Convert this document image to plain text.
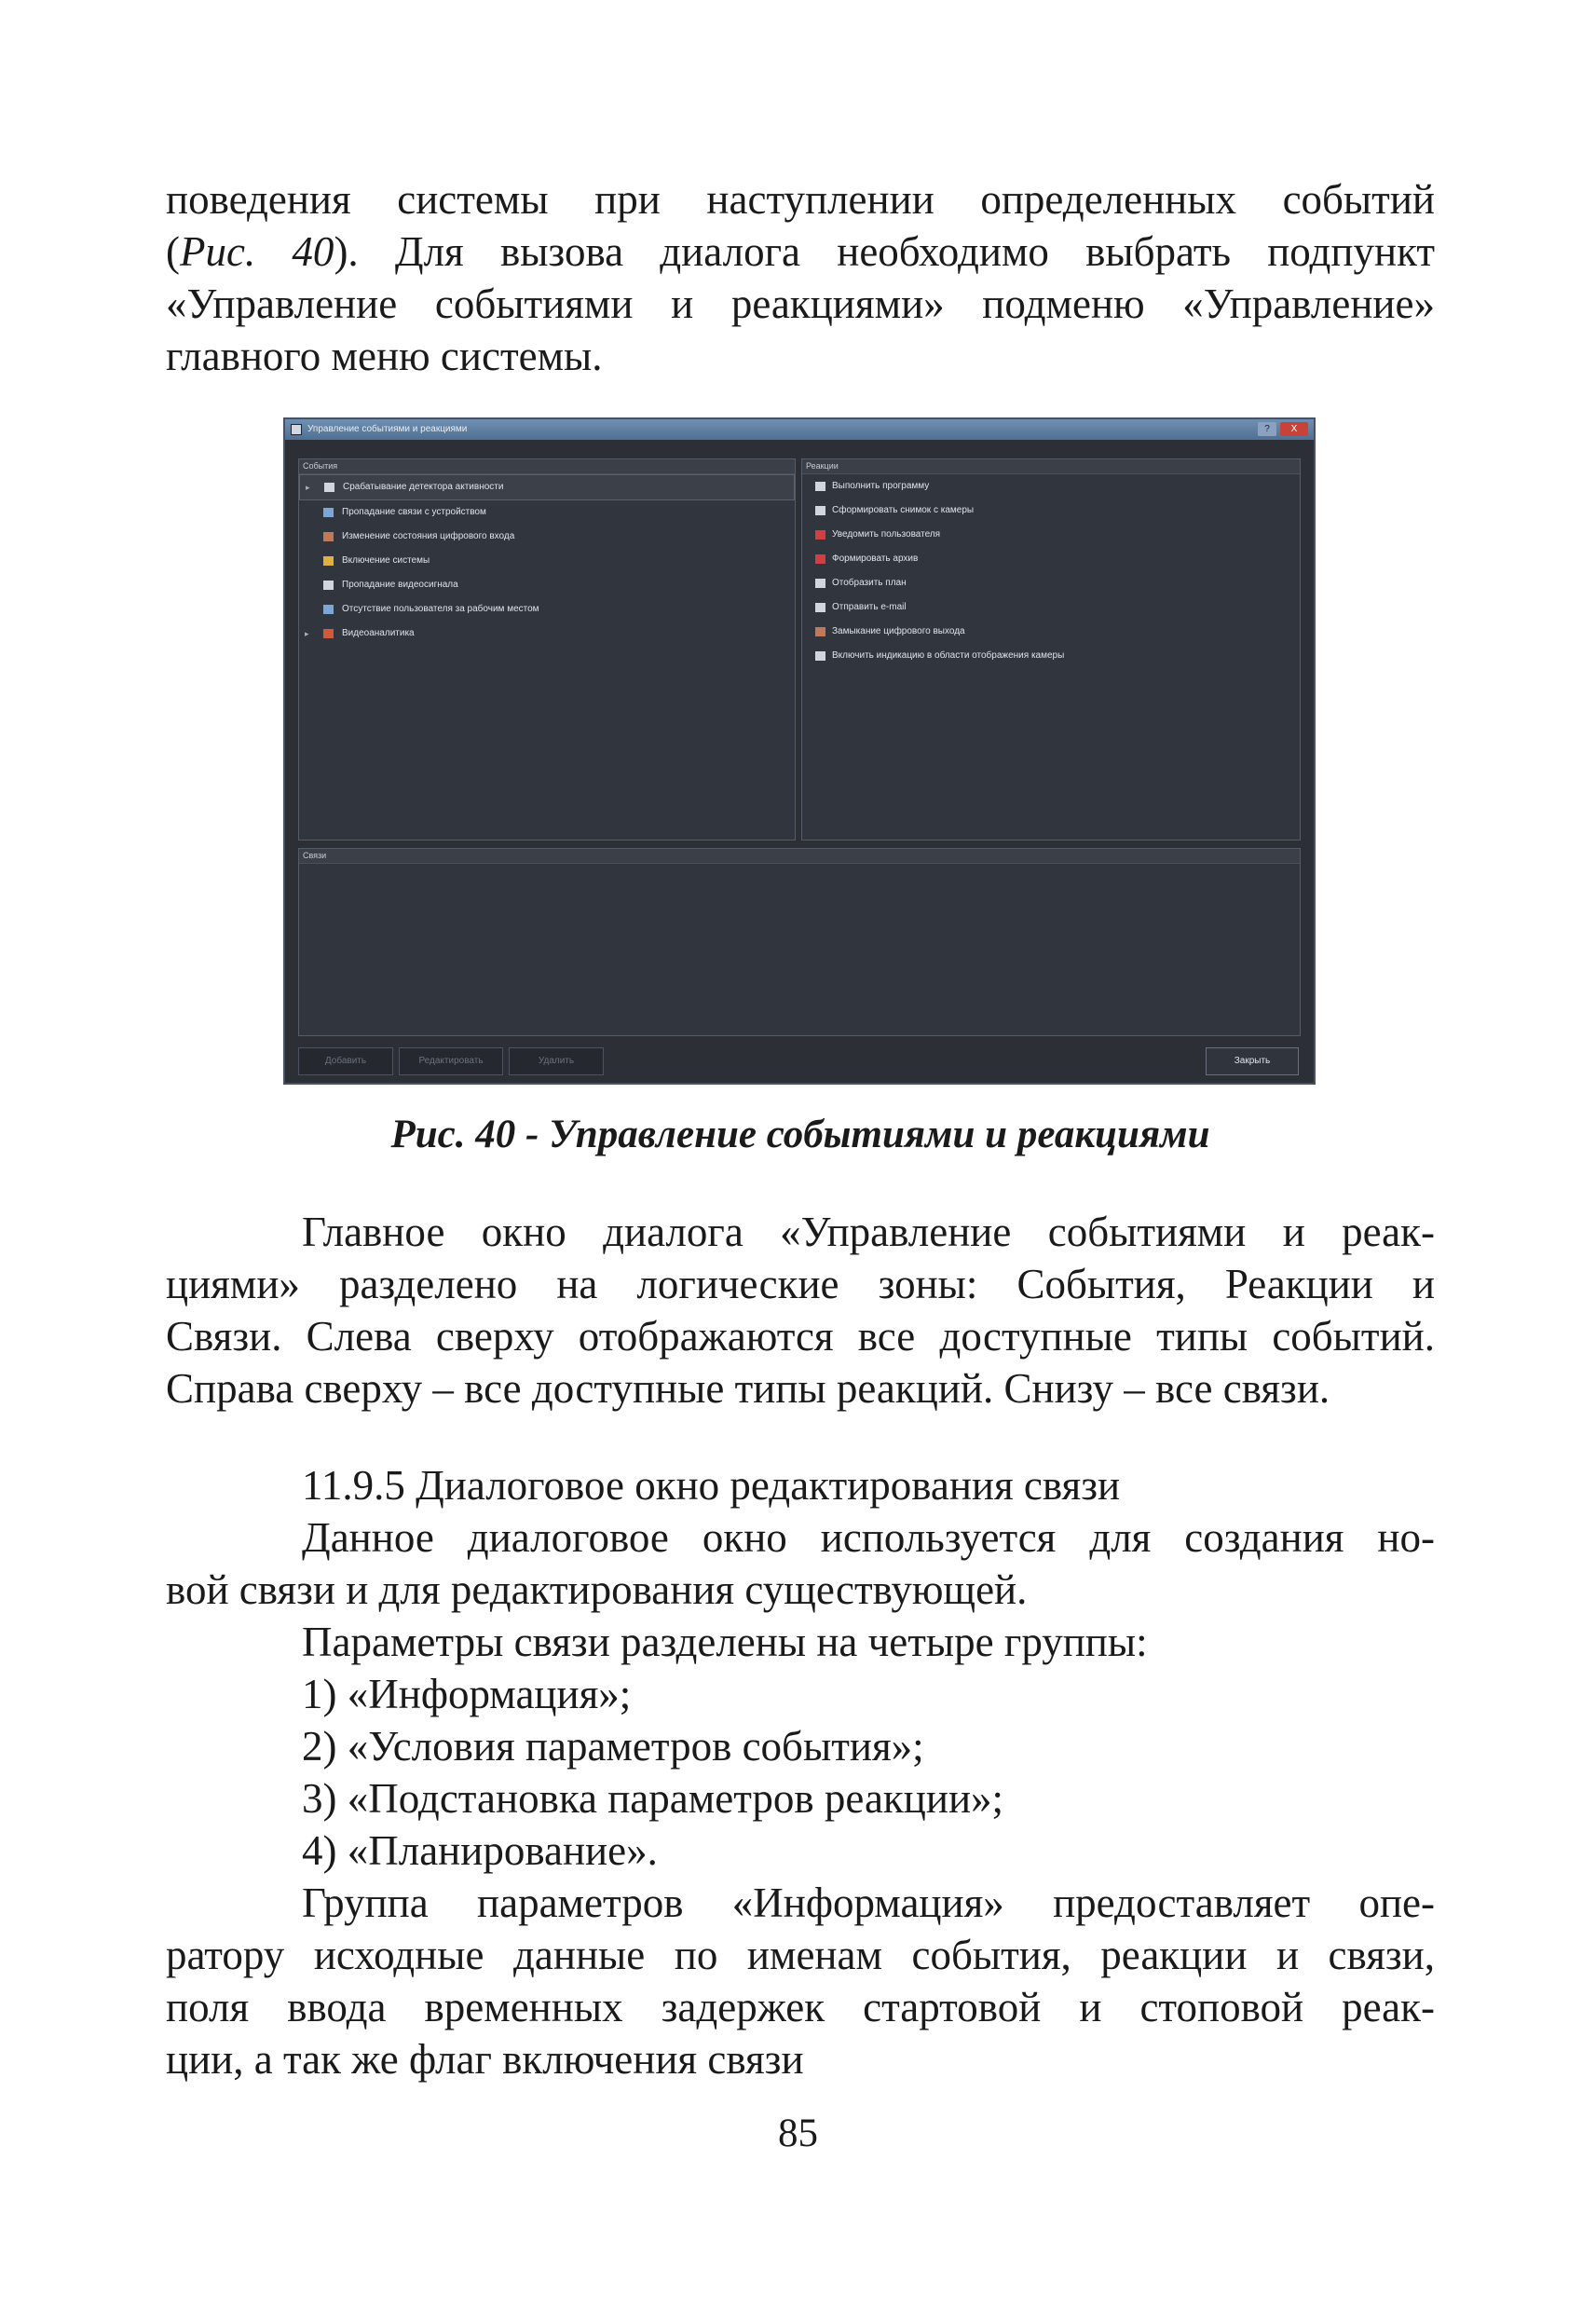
поведения системы при наступлении определенных событий
(Рис. 40). Для вызова диалога необходимо выбрать подпункт
«Управление событиями и реакциями» подменю «Управление»
главного меню системы.
Управление событиями и реакциями	?	X
События
▸	Срабатывание детектора активности
Пропадание связи с устройством
Изменение состояния цифрового входа
Включение системы
Пропадание видеосигнала
Отсутствие пользователя за рабочим местом
▸	Видеоаналитика
Реакции
Выполнить программу
Сформировать снимок с камеры
Уведомить пользователя
Формировать архив
Отобразить план
Отправить e-mail
Замыкание цифрового выхода
Включить индикацию в области отображения камеры
Связи
Добавить	Редактировать	Удалить	Закрыть
Рис. 40 - Управление событиями и реакциями
Главное окно диалога «Управление событиями и реак-
циями» разделено на логические зоны: События, Реакции и
Связи. Слева сверху отображаются все доступные типы событий.
Справа сверху – все доступные типы реакций. Снизу – все связи.
11.9.5 Диалоговое окно редактирования связи
Данное диалоговое окно используется для создания но-
вой связи и для редактирования существующей.
Параметры связи разделены на четыре группы:
1) «Информация»;
2) «Условия параметров события»;
3) «Подстановка параметров реакции»;
4) «Планирование».
Группа параметров «Информация» предоставляет опе-
ратору исходные данные по именам события, реакции и связи,
поля ввода временных задержек стартовой и стоповой реак-
ции, а так же флаг включения связи
85
